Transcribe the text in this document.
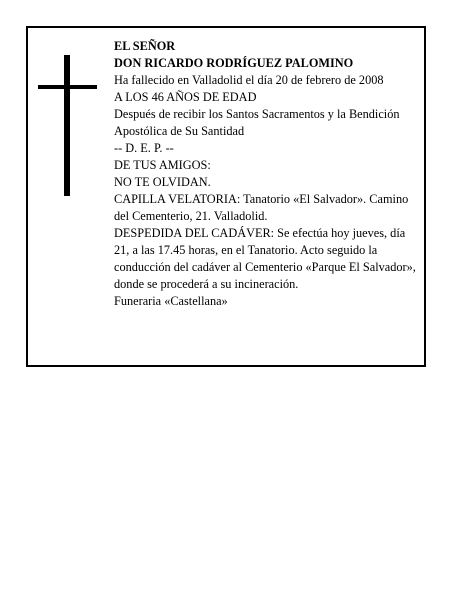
EL SEÑOR
DON RICARDO RODRÍGUEZ PALOMINO
Ha fallecido en Valladolid el día 20 de febrero de 2008
A LOS 46 AÑOS DE EDAD
Después de recibir los Santos Sacramentos y la Bendición Apostólica de Su Santidad
-- D. E. P. --
DE TUS AMIGOS:
NO TE OLVIDAN.
CAPILLA VELATORIA: Tanatorio «El Salvador». Camino del Cementerio, 21. Valladolid.
DESPEDIDA DEL CADÁVER: Se efectúa hoy jueves, día 21, a las 17.45 horas, en el Tanatorio. Acto seguido la conducción del cadáver al Cementerio «Parque El Salvador», donde se procederá a su incineración.
Funeraria «Castellana»
